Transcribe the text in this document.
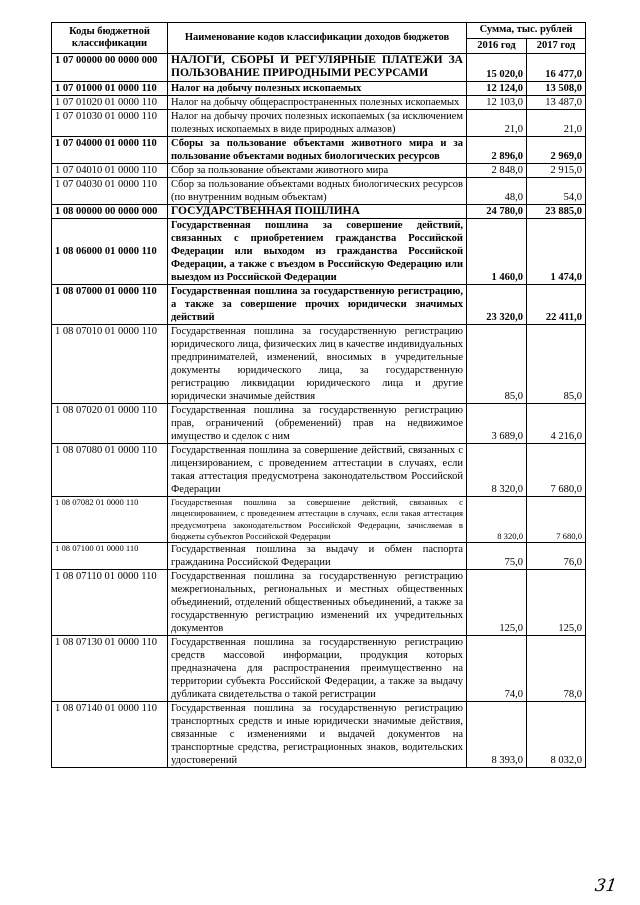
Коды бюджетной классификации	Наименование кодов классификации доходов бюджетов	Сумма, тыс. рублей	
		2016 год	2017 год
1 07 00000 00 0000 000	НАЛОГИ, СБОРЫ И РЕГУЛЯРНЫЕ ПЛАТЕЖИ ЗА ПОЛЬЗОВАНИЕ ПРИРОДНЫМИ РЕСУРСАМИ	15 020,0	16 477,0
1 07 01000 01 0000 110	Налог на добычу полезных ископаемых	12 124,0	13 508,0
1 07 01020 01 0000 110	Налог на добычу общераспространенных полезных ископаемых	12 103,0	13 487,0
1 07 01030 01 0000 110	Налог на добычу прочих полезных ископаемых (за исключением полезных ископаемых в виде природных алмазов)	21,0	21,0
1 07 04000 01 0000 110	Сборы за пользование объектами животного мира и за пользование объектами водных биологических ресурсов	2 896,0	2 969,0
1 07 04010 01 0000 110	Сбор за пользование объектами животного мира	2 848,0	2 915,0
1 07 04030 01 0000 110	Сбор за пользование объектами водных биологических ресурсов (по внутренним водным объектам)	48,0	54,0
1 08 00000 00 0000 000	ГОСУДАРСТВЕННАЯ ПОШЛИНА	24 780,0	23 885,0
1 08 06000 01 0000 110	Государственная пошлина за совершение действий, связанных с приобретением гражданства Российской Федерации или выходом из гражданства Российской Федерации, а также с въездом в Российскую Федерацию или выездом из Российской Федерации	1 460,0	1 474,0
1 08 07000 01 0000 110	Государственная пошлина за государственную регистрацию, а также за совершение прочих юридически значимых действий	23 320,0	22 411,0
1 08 07010 01 0000 110	Государственная пошлина за государственную регистрацию юридического лица, физических лиц в качестве индивидуальных предпринимателей, изменений, вносимых в учредительные документы юридического лица, за государственную регистрацию ликвидации юридического лица и другие юридически значимые действия	85,0	85,0
1 08 07020 01 0000 110	Государственная пошлина за государственную регистрацию прав, ограничений (обременений) прав на недвижимое имущество и сделок с ним	3 689,0	4 216,0
1 08 07080 01 0000 110	Государственная пошлина за совершение действий, связанных с лицензированием, с проведением аттестации в случаях, если такая аттестация предусмотрена законодательством Российской Федерации	8 320,0	7 680,0
1 08 07082 01 0000 110	Государственная пошлина за совершение действий, связанных с лицензированием, с проведением аттестации в случаях, если такая аттестация предусмотрена законодательством Российской Федерации, зачисляемая в бюджеты субъектов Российской Федерации	8 320,0	7 680,0
1 08 07100 01 0000 110	Государственная пошлина за выдачу и обмен паспорта гражданина Российской Федерации	75,0	76,0
1 08 07110 01 0000 110	Государственная пошлина за государственную регистрацию межрегиональных, региональных и местных общественных объединений, отделений общественных объединений, а также за государственную регистрацию изменений их учредительных документов	125,0	125,0
1 08 07130 01 0000 110	Государственная пошлина за государственную регистрацию средств массовой информации, продукция которых предназначена для распространения преимущественно на территории субъекта Российской Федерации, а также за выдачу дубликата свидетельства о такой регистрации	74,0	78,0
1 08 07140 01 0000 110	Государственная пошлина за государственную регистрацию транспортных средств и иные юридически значимые действия, связанные с изменениями и выдачей документов на транспортные средства, регистрационных знаков, водительских удостоверений	8 393,0	8 032,0
31
